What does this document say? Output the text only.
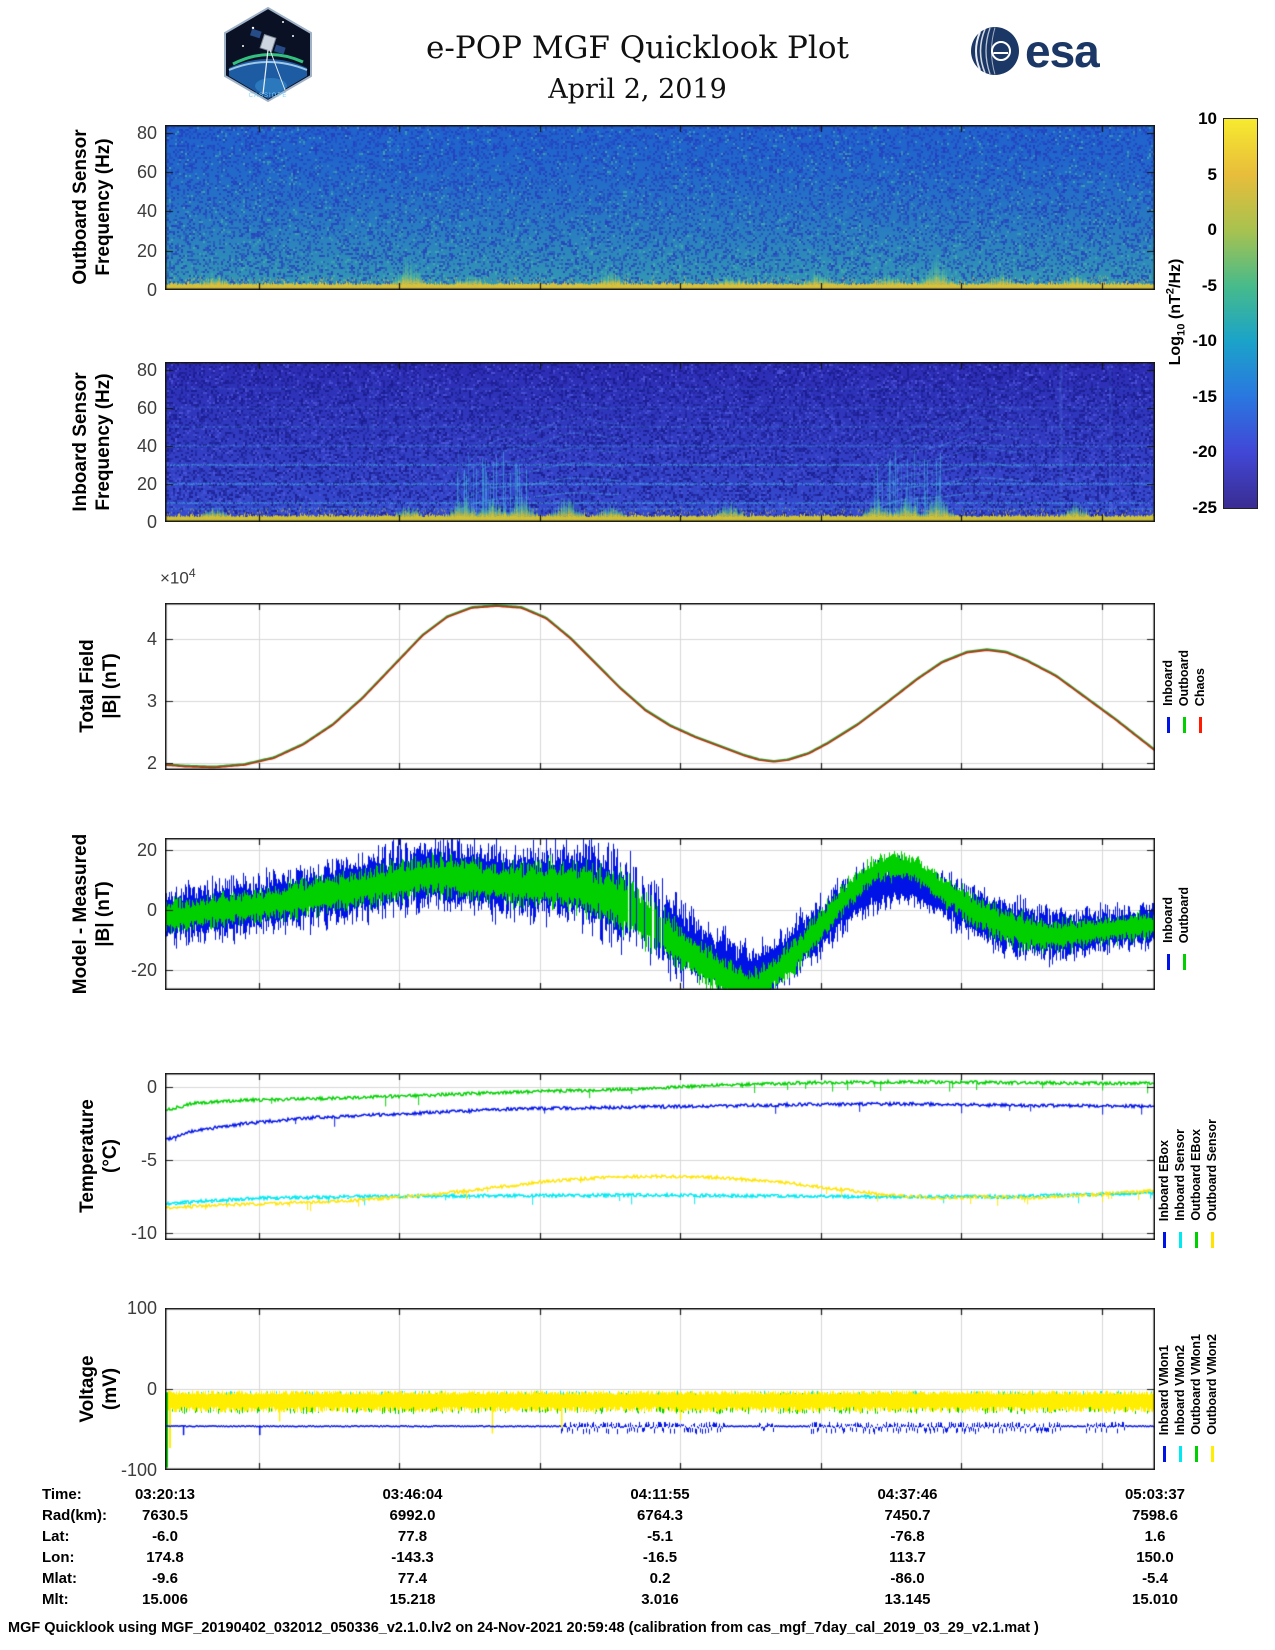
CASSIOPE
e-POP MGF Quicklook Plot
April 2, 2019
esa
Outboard Sensor Frequency (Hz)
Inboard Sensor Frequency (Hz)
Total Field |B| (nT)
Model - Measured |B| (nT)
Temperature (°C)
Voltage (mV)
$\times 10^4$
Log$_{10}$ $(nT^2/Hz)$
Inboard Outboard Chaos
Inboard Outboard
Inboard EBox Inboard Sensor Outboard EBox Outboard Sensor
Inboard VMon1 Inboard VMon2 Outboard VMon1 Outboard VMon2
Time:	03:20:13	03:46:04	04:11:55	04:37:46	05:03:37
Rad(km):	7630.5	6992.0	6764.3	7450.7	7598.6
Lat:	-6.0	77.8	-5.1	-76.8	1.6
Lon:	174.8	-143.3	-16.5	113.7	150.0
Mlat:	-9.6	77.4	0.2	-86.0	-5.4
Mlt:	15.006	15.218	3.016	13.145	15.010
MGF Quicklook using MGF_20190402_032012_050336_v2.1.0.lv2 on 24-Nov-2021 20:59:48 (calibration from cas_mgf_7day_cal_2019_03_29_v2.1.mat )
80
60
40
20
0
80
60
40
20
0
4
3
2
20
0
-20
0
-5
-10
100
0
-100
10
5
0
-5
-10
-15
-20
-25
